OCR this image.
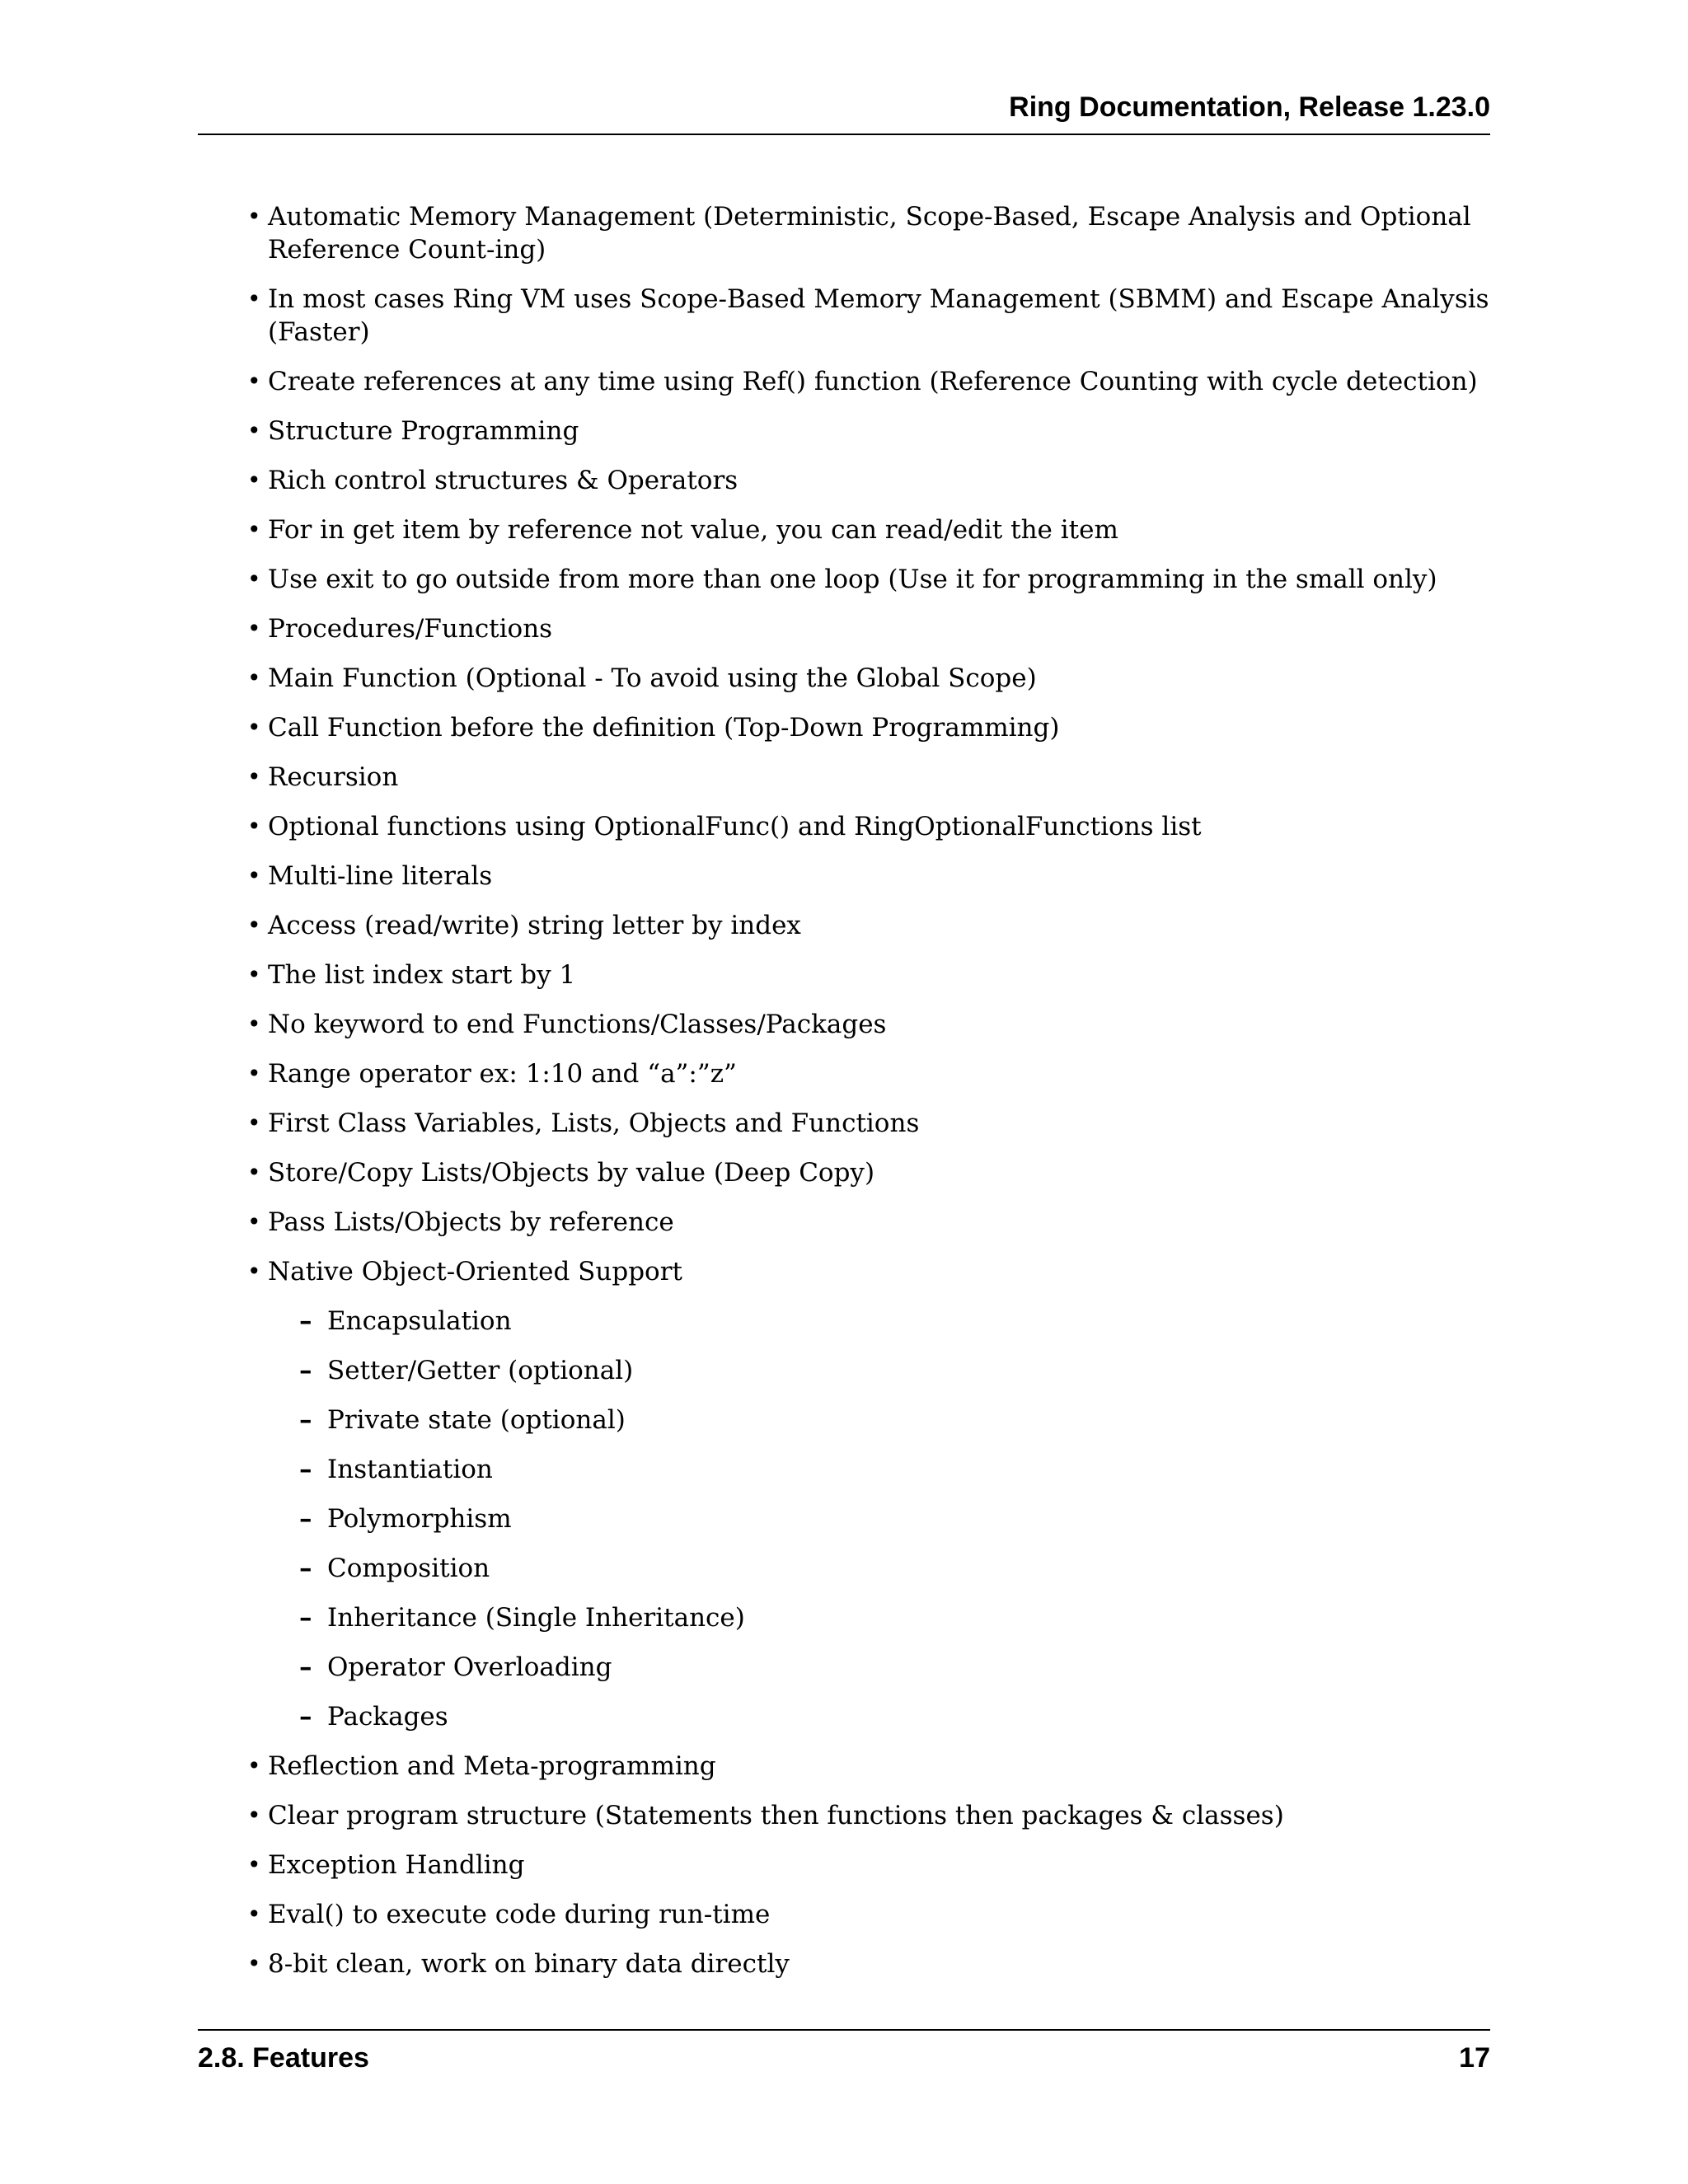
Ring Documentation, Release 1.23.0
• Automatic Memory Management (Deterministic, Scope-Based, Escape Analysis and Optional Reference Count-ing)
• In most cases Ring VM uses Scope-Based Memory Management (SBMM) and Escape Analysis (Faster)
• Create references at any time using Ref() function (Reference Counting with cycle detection)
• Structure Programming
• Rich control structures & Operators
• For in get item by reference not value, you can read/edit the item
• Use exit to go outside from more than one loop (Use it for programming in the small only)
• Procedures/Functions
• Main Function (Optional - To avoid using the Global Scope)
• Call Function before the definition (Top-Down Programming)
• Recursion
• Optional functions using OptionalFunc() and RingOptionalFunctions list
• Multi-line literals
• Access (read/write) string letter by index
• The list index start by 1
• No keyword to end Functions/Classes/Packages
• Range operator ex: 1:10 and “a”:”z”
• First Class Variables, Lists, Objects and Functions
• Store/Copy Lists/Objects by value (Deep Copy)
• Pass Lists/Objects by reference
• Native Object-Oriented Support
– Encapsulation
– Setter/Getter (optional)
– Private state (optional)
– Instantiation
– Polymorphism
– Composition
– Inheritance (Single Inheritance)
– Operator Overloading
– Packages
• Reflection and Meta-programming
• Clear program structure (Statements then functions then packages & classes)
• Exception Handling
• Eval() to execute code during run-time
• 8-bit clean, work on binary data directly
2.8. Features	17
